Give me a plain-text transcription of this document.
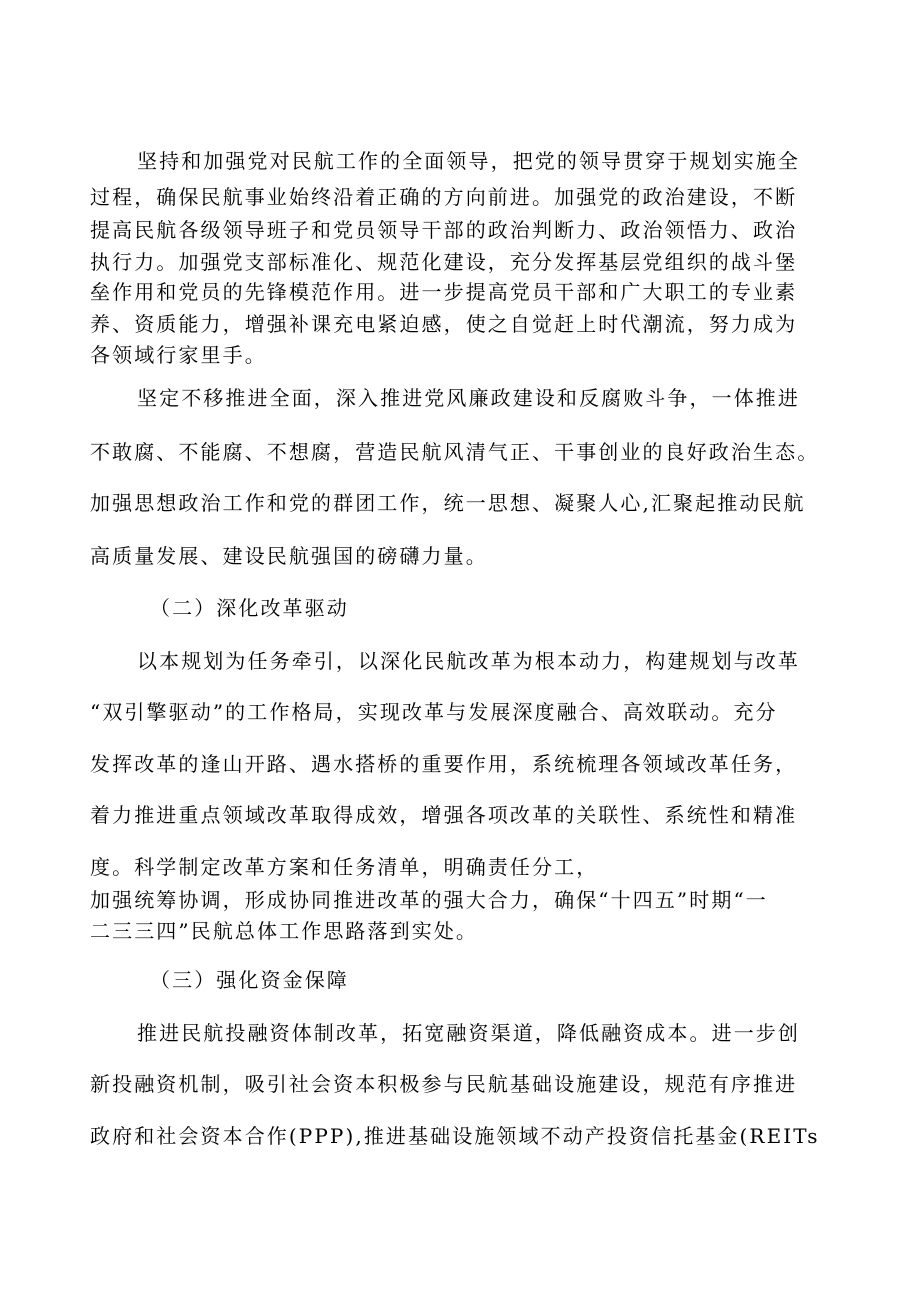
坚持和加强党对民航工作的全面领导，把党的领导贯穿于规划实施全
过程，确保民航事业始终沿着正确的方向前进。加强党的政治建设，不断
提高民航各级领导班子和党员领导干部的政治判断力、政治领悟力、政治
执行力。加强党支部标准化、规范化建设，充分发挥基层党组织的战斗堡
垒作用和党员的先锋模范作用。进一步提高党员干部和广大职工的专业素
养、资质能力，增强补课充电紧迫感，使之自觉赶上时代潮流，努力成为
各领域行家里手。
坚定不移推进全面，深入推进党风廉政建设和反腐败斗争，一体推进
不敢腐、不能腐、不想腐，营造民航风清气正、干事创业的良好政治生态。
加强思想政治工作和党的群团工作，统一思想、凝聚人心,汇聚起推动民航
高质量发展、建设民航强国的磅礴力量。
（二）深化改革驱动
以本规划为任务牵引，以深化民航改革为根本动力，构建规划与改革
“双引擎驱动”的工作格局，实现改革与发展深度融合、高效联动。充分
发挥改革的逢山开路、遇水搭桥的重要作用，系统梳理各领域改革任务，
着力推进重点领域改革取得成效，增强各项改革的关联性、系统性和精准
度。科学制定改革方案和任务清单，明确责任分工，
加强统筹协调，形成协同推进改革的强大合力，确保“十四五”时期“一
二三三四”民航总体工作思路落到实处。
（三）强化资金保障
推进民航投融资体制改革，拓宽融资渠道，降低融资成本。进一步创
新投融资机制，吸引社会资本积极参与民航基础设施建设，规范有序推进
政府和社会资本合作(PPP),推进基础设施领域不动产投资信托基金(REITs
